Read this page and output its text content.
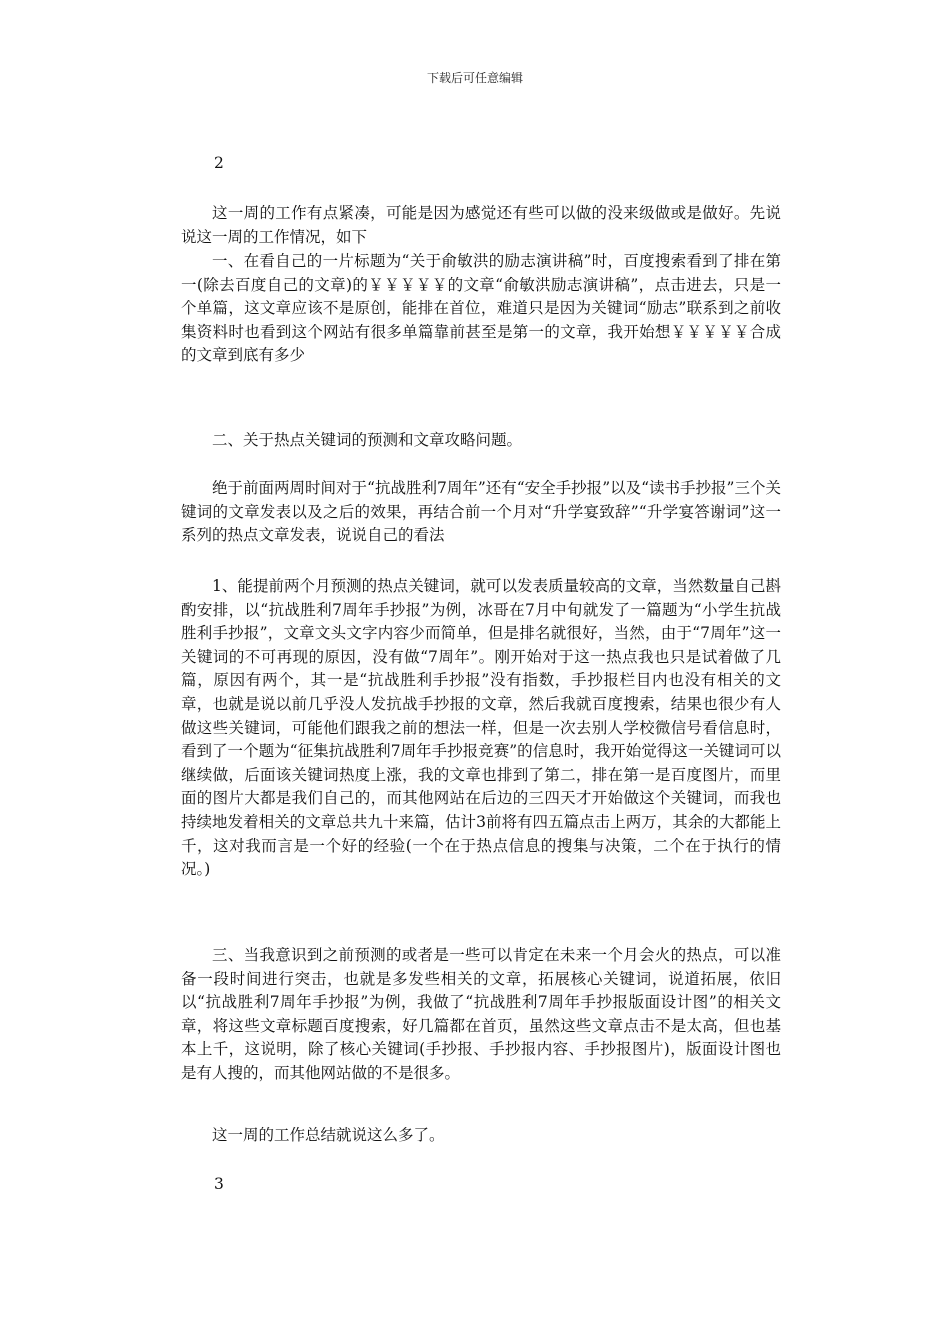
下载后可任意编辑
2

这一周的工作有点紧凑，可能是因为感觉还有些可以做的没来级做或是做好。先说说这一周的工作情况，如下

一、在看自己的一片标题为“关于俞敏洪的励志演讲稿”时，百度搜索看到了排在第一(除去百度自己的文章)的￥￥￥￥￥的文章“俞敏洪励志演讲稿”，点击进去，只是一个单篇，这文章应该不是原创，能排在首位，难道只是因为关键词“励志”联系到之前收集资料时也看到这个网站有很多单篇靠前甚至是第一的文章，我开始想￥￥￥￥￥合成的文章到底有多少

二、关于热点关键词的预测和文章攻略问题。

绝于前面两周时间对于“抗战胜利7周年”还有“安全手抄报”以及“读书手抄报”三个关键词的文章发表以及之后的效果，再结合前一个月对“升学宴致辞”“升学宴答谢词”这一系列的热点文章发表，说说自己的看法

1、能提前两个月预测的热点关键词，就可以发表质量较高的文章，当然数量自己斟酌安排，以“抗战胜利7周年手抄报”为例，冰哥在7月中旬就发了一篇题为“小学生抗战胜利手抄报”，文章文头文字内容少而简单，但是排名就很好，当然，由于“7周年”这一关键词的不可再现的原因，没有做“7周年”。刚开始对于这一热点我也只是试着做了几篇，原因有两个，其一是“抗战胜利手抄报”没有指数，手抄报栏目内也没有相关的文章，也就是说以前几乎没人发抗战手抄报的文章，然后我就百度搜索，结果也很少有人做这些关键词，可能他们跟我之前的想法一样，但是一次去别人学校微信号看信息时，看到了一个题为“征集抗战胜利7周年手抄报竞赛”的信息时，我开始觉得这一关键词可以继续做，后面该关键词热度上涨，我的文章也排到了第二，排在第一是百度图片，而里面的图片大都是我们自己的，而其他网站在后边的三四天才开始做这个关键词，而我也持续地发着相关的文章总共九十来篇，估计3前将有四五篇点击上两万，其余的大都能上千，这对我而言是一个好的经验(一个在于热点信息的搜集与决策，二个在于执行的情况。)

三、当我意识到之前预测的或者是一些可以肯定在未来一个月会火的热点，可以准备一段时间进行突击，也就是多发些相关的文章，拓展核心关键词，说道拓展，依旧以“抗战胜利7周年手抄报”为例，我做了“抗战胜利7周年手抄报版面设计图”的相关文章，将这些文章标题百度搜索，好几篇都在首页，虽然这些文章点击不是太高，但也基本上千，这说明，除了核心关键词(手抄报、手抄报内容、手抄报图片)，版面设计图也是有人搜的，而其他网站做的不是很多。

这一周的工作总结就说这么多了。

3
